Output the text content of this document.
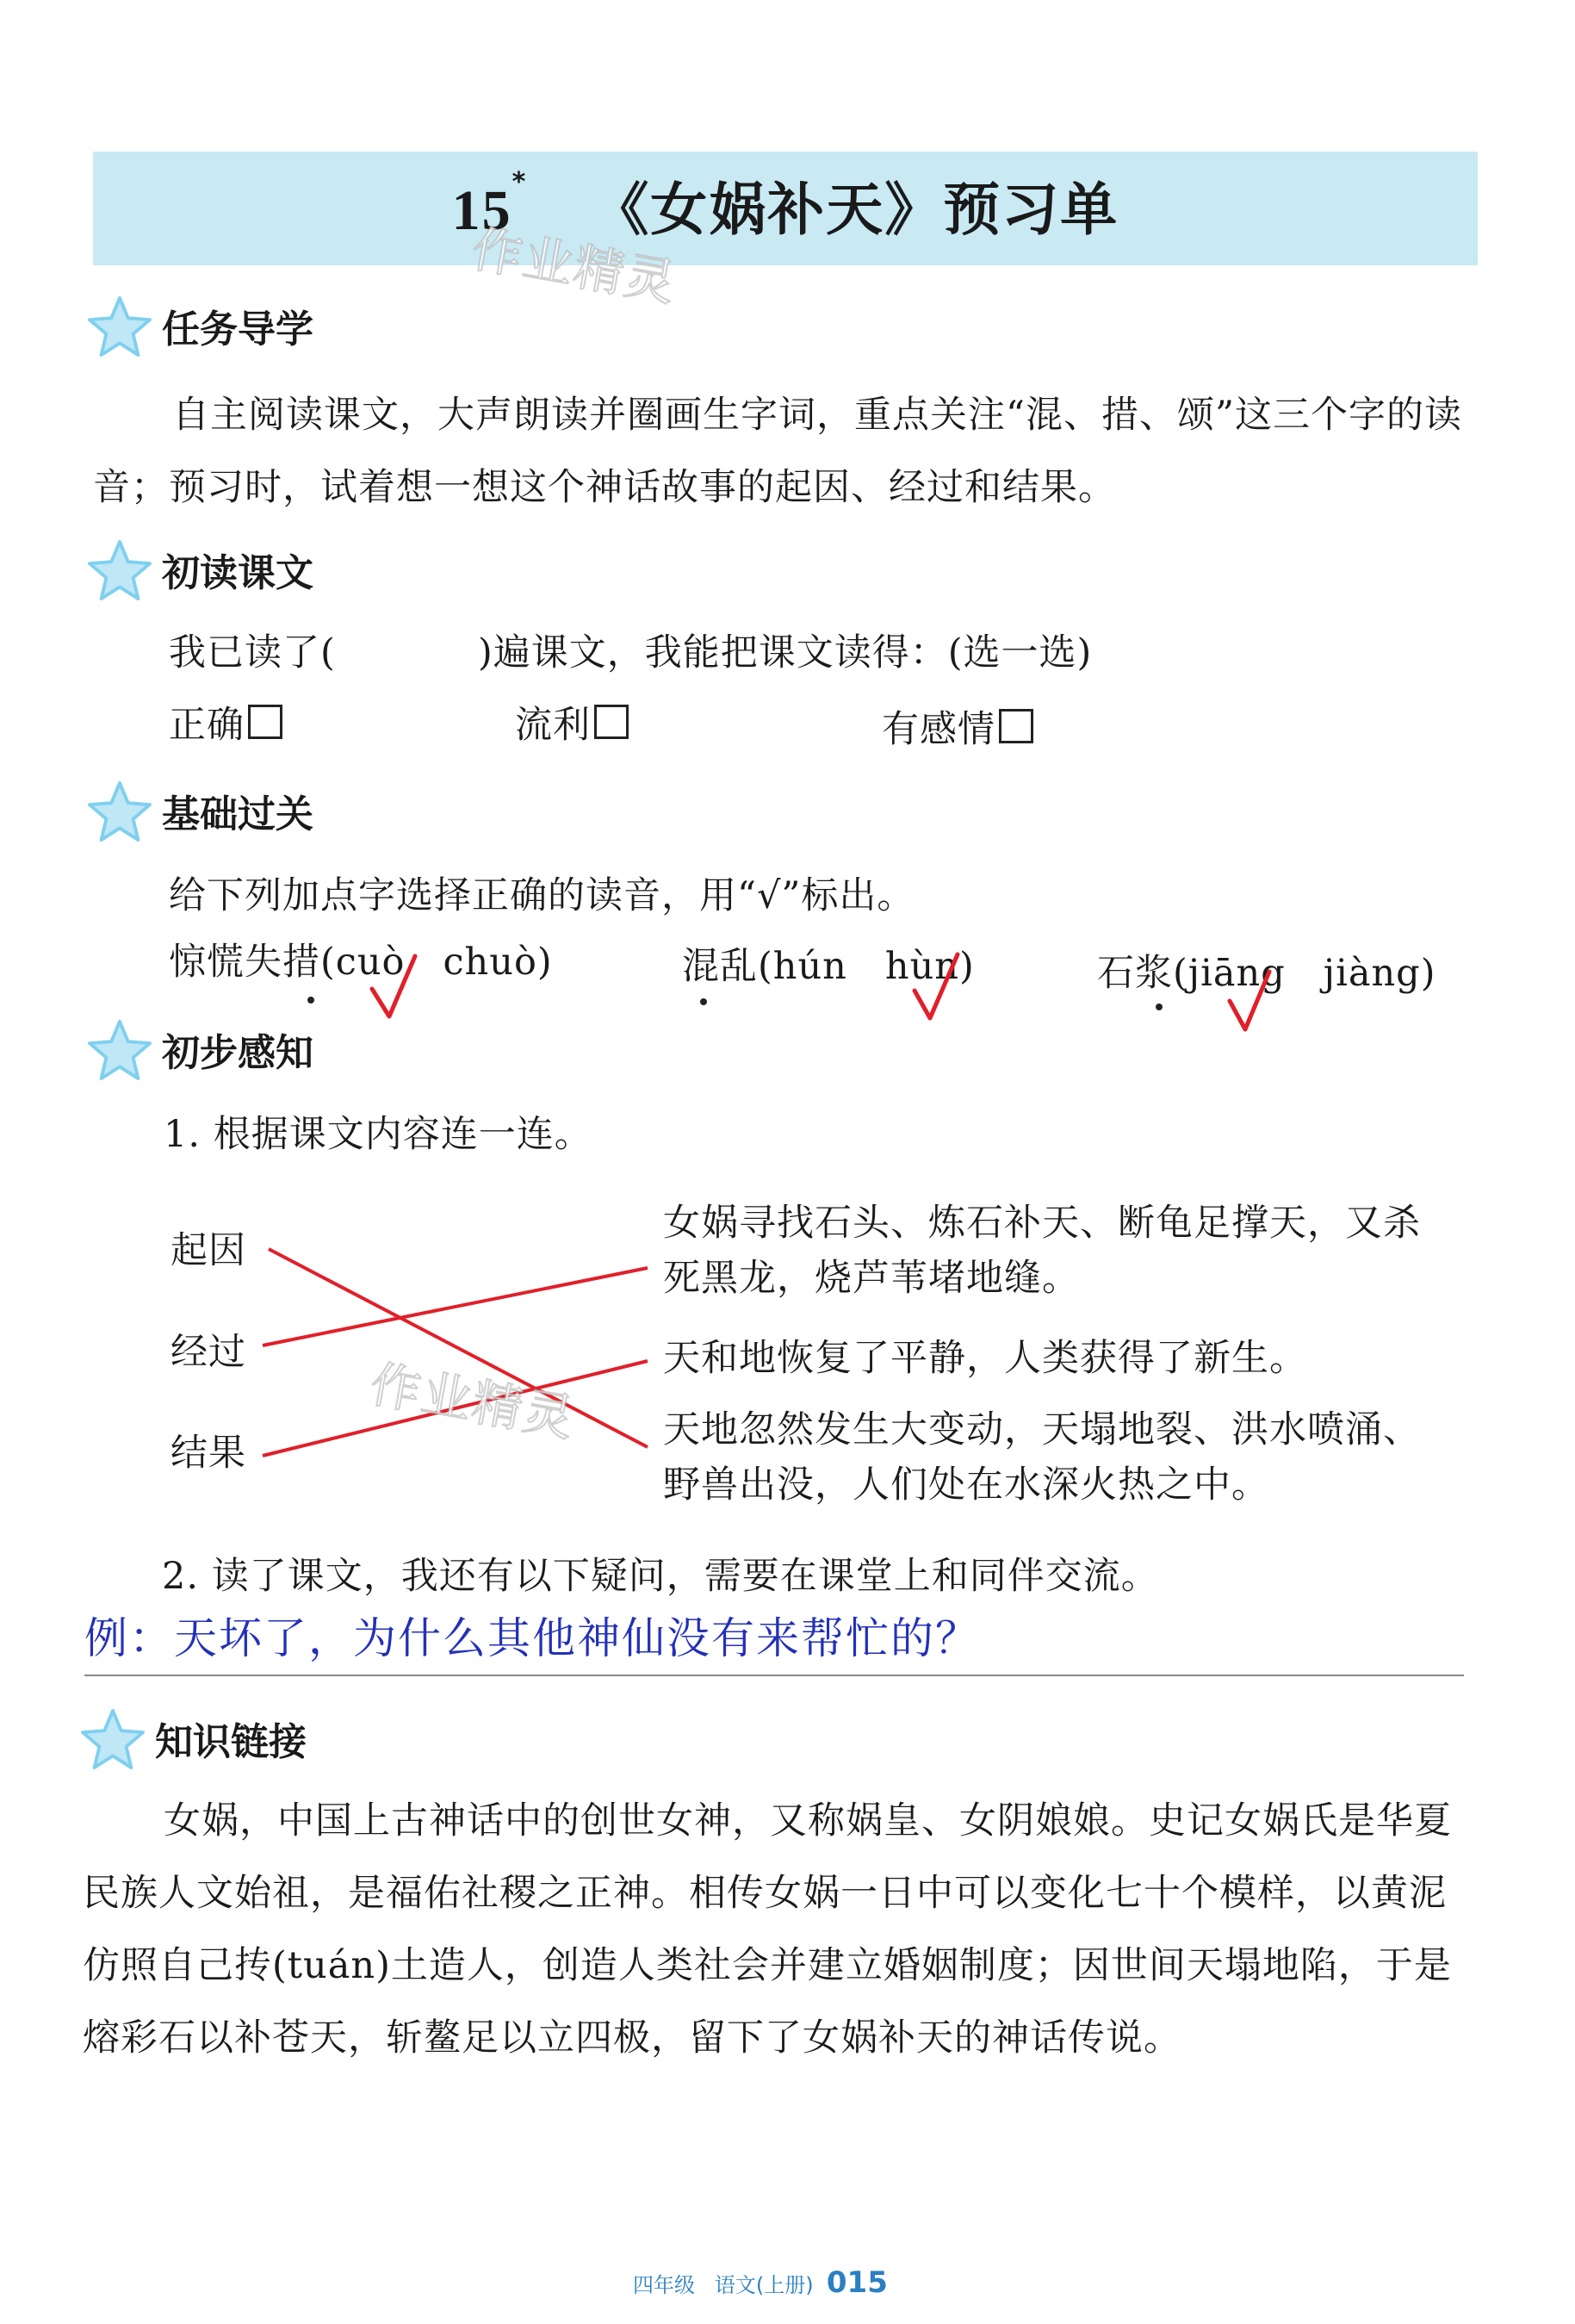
15* 《女娲补天》预习单
作业精灵
任务导学
自主阅读课文，大声朗读并圈画生字词，重点关注“混、措、颂”这三个字的读
音；预习时，试着想一想这个神话故事的起因、经过和结果。
初读课文
我已读了(	)遍课文，我能把课文读得：(选一选)
正确	流利	有感情
基础过关
给下列加点字选择正确的读音，用“√”标出。
惊慌失措(cuò chuò)	混乱(hún hùn)	石浆(jiāng jiàng)
初步感知
1. 根据课文内容连一连。
起因
经过
结果
女娲寻找石头、炼石补天、断龟足撑天，又杀
死黑龙，烧芦苇堵地缝。
天和地恢复了平静，人类获得了新生。
天地忽然发生大变动，天塌地裂、洪水喷涌、
野兽出没，人们处在水深火热之中。
作业精灵
2. 读了课文，我还有以下疑问，需要在课堂上和同伴交流。
例：天坏了，为什么其他神仙没有来帮忙的？
知识链接
女娲，中国上古神话中的创世女神，又称娲皇、女阴娘娘。史记女娲氏是华夏
民族人文始祖，是福佑社稷之正神。相传女娲一日中可以变化七十个模样，以黄泥
仿照自己抟(tuán)土造人，创造人类社会并建立婚姻制度；因世间天塌地陷，于是
熔彩石以补苍天，斩鳌足以立四极，留下了女娲补天的神话传说。
四年级 语文(上册) 015
